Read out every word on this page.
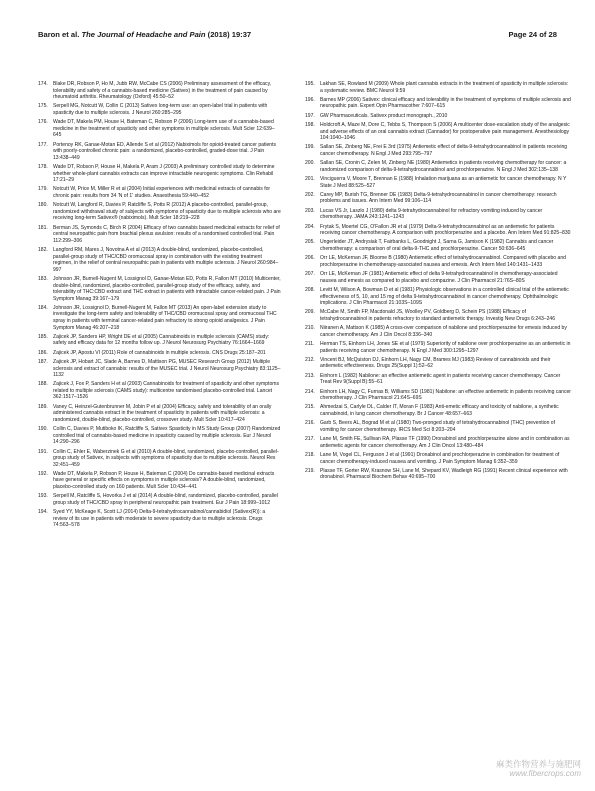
Baron et al. The Journal of Headache and Pain (2018) 19:37	Page 24 of 28
174.	Blake DR, Robson P, Ho M, Jubb RW, McCabe CS (2006) Preliminary assessment of the efficacy, tolerability and safety of a cannabis-based medicine (Sativex) in the treatment of pain caused by rheumatoid arthritis. Rheumatology (Oxford) 45:50–52
175.	Serpell MG, Notcutt W, Collin C (2013) Sativex long-term use: an open-label trial in patients with spasticity due to multiple sclerosis. J Neurol 260:285–295
176.	Wade DT, Makela PM, House H, Bateman C, Robson P (2006) Long-term use of a cannabis-based medicine in the treatment of spasticity and other symptoms in multiple sclerosis. Mult Scler 12:639–645
177.	Portenoy RK, Ganae-Motan ED, Allende S et al (2012) Nabiximols for opioid-treated cancer patients with poorly-controlled chronic pain: a randomized, placebo-controlled, graded-dose trial. J Pain 13:438–449
178.	Wade DT, Robson P, House H, Makela P, Aram J (2003) A preliminary controlled study to determine whether whole-plant cannabis extracts can improve intractable neurogenic symptoms. Clin Rehabil 17:21–29
179.	Notcutt W, Price M, Miller R et al (2004) Initial experiences with medicinal extracts of cannabis for chronic pain: results from 34 'N of 1' studies. Anaesthesia 59:440–452
180.	Notcutt W, Langford R, Davies P, Ratcliffe S, Potts R (2012) A placebo-controlled, parallel-group, randomized withdrawal study of subjects with symptoms of spasticity due to multiple sclerosis who are receiving long-term Sativex® (nabiximols). Mult Scler 18:219–228
181.	Berman JS, Symonds C, Birch R (2004) Efficacy of two cannabis based medicinal extracts for relief of central neuropathic pain from brachial plexus avulsion: results of a randomised controlled trial. Pain 112:299–306
182.	Langford RM, Mares J, Novotna A et al (2013) A double-blind, randomized, placebo-controlled, parallel-group study of THC/CBD oromucosal spray in combination with the existing treatment regimen, in the relief of central neuropathic pain in patients with multiple sclerosis. J Neurol 260:984–997
183.	Johnson JR, Burnell-Nugent M, Lossignol D, Ganae-Motan ED, Potts R, Fallon MT (2010) Multicenter, double-blind, randomized, placebo-controlled, parallel-group study of the efficacy, safety, and tolerability of THC:CBD extract and THC extract in patients with intractable cancer-related pain. J Pain Symptom Manag 39:167–179
184.	Johnson JR, Lossignol D, Burnell-Nugent M, Fallon MT (2013) An open-label extension study to investigate the long-term safety and tolerability of THC/CBD oromucosal spray and oromucosal THC spray in patients with terminal cancer-related pain refractory to strong opioid analgesics. J Pain Symptom Manag 46:207–218
185.	Zajicek JP, Sanders HP, Wright DE et al (2005) Cannabinoids in multiple sclerosis (CAMS) study: safety and efficacy data for 12 months follow up. J Neurol Neurosurg Psychiatry 76:1664–1669
186.	Zajicek JP, Apostu VI (2011) Role of cannabinoids in multiple sclerosis. CNS Drugs 25:187–201
187.	Zajicek JP, Hobart JC, Slade A, Barnes D, Mattison PG, MUSEC Research Group (2012) Multiple sclerosis and extract of cannabis: results of the MUSEC trial. J Neurol Neurosurg Psychiatry 83:1125–1132
188.	Zajicek J, Fox P, Sanders H et al (2003) Cannabinoids for treatment of spasticity and other symptoms related to multiple sclerosis (CAMS study): multicentre randomised placebo-controlled trial. Lancet 362:1517–1526
189.	Vaney C, Heinzel-Gutenbrunner M, Jobin P et al (2004) Efficacy, safety and tolerability of an orally administered cannabis extract in the treatment of spasticity in patients with multiple sclerosis: a randomized, double-blind, placebo-controlled, crossover study. Mult Scler 10:417–424
190.	Collin C, Davies P, Mutiboko IK, Ratcliffe S, Sativex Spasticity in MS Study Group (2007) Randomized controlled trial of cannabis-based medicine in spasticity caused by multiple sclerosis. Eur J Neurol 14:290–296
191.	Collin C, Ehler E, Waberzinek G et al (2010) A double-blind, randomized, placebo-controlled, parallel-group study of Sativex, in subjects with symptoms of spasticity due to multiple sclerosis. Neurol Res 32:451–459
192.	Wade DT, Makela P, Robson P, House H, Bateman C (2004) Do cannabis-based medicinal extracts have general or specific effects on symptoms in multiple sclerosis? A double-blind, randomized, placebo-controlled study on 160 patients. Mult Scler 10:434–441
193.	Serpell M, Ratcliffe S, Hovorka J et al (2014) A double-blind, randomized, placebo-controlled, parallel group study of THC/CBD spray in peripheral neuropathic pain treatment. Eur J Pain 18:999–1012
194.	Syed YY, McKeage K, Scott LJ (2014) Delta-9-tetrahydrocannabinol/cannabidiol (Sativex(R)): a review of its use in patients with moderate to severe spasticity due to multiple sclerosis. Drugs 74:563–578
195.	Lakhan SE, Rowland M (2009) Whole plant cannabis extracts in the treatment of spasticity in multiple sclerosis: a systematic review. BMC Neurol 9:59
196.	Barnes MP (2006) Sativex: clinical efficacy and tolerability in the treatment of symptoms of multiple sclerosis and neuropathic pain. Expert Opin Pharmacother 7:607–615
197.	GW Pharmaceuticals. Sativex product monograph., 2010
198.	Holdcroft A, Maze M, Dore C, Tebbs S, Thompson S (2006) A multicenter dose-escalation study of the analgesic and adverse effects of an oral cannabis extract (Cannador) for postoperative pain management. Anesthesiology 104:1040–1046
199.	Sallan SE, Zinberg NE, Frei E 3rd (1975) Antiemetic effect of delta-9-tetrahydrocannabinol in patients receiving cancer chemotherapy. N Engl J Med 293:795–797
200.	Sallan SE, Cronin C, Zelen M, Zinberg NE (1980) Antiemetics in patients receiving chemotherapy for cancer: a randomized comparison of delta-9-tetrahydrocannabinol and prochlorperazine. N Engl J Med 302:135–138
201.	Vinciguerra V, Moore T, Brennan E (1988) Inhalation marijuana as an antiemetic for cancer chemotherapy. N Y State J Med 88:525–527
202.	Carey MP, Burish TG, Brenner DE (1983) Delta-9-tetrahydrocannabinol in cancer chemotherapy: research problems and issues. Ann Intern Med 99:106–114
203.	Lucas VS Jr, Laszlo J (1980) delta 9-tetrahydrocannabinol for refractory vomiting induced by cancer chemotherapy. JAMA 243:1241–1243
204.	Frytak S, Moertel CG, O'Fallon JR et al (1979) Delta-9-tetrahydrocannabinol as an antiemetic for patients receiving cancer chemotherapy. A comparison with prochlorperazine and a placebo. Ann Intern Med 91:825–830
205.	Ungerleider JT, Andrysiak T, Fairbanks L, Goodnight J, Sarna G, Jamison K (1982) Cannabis and cancer chemotherapy: a comparison of oral delta-9-THC and prochlorperazine. Cancer 50:636–645
206.	Orr LE, McKernan JF, Bloome B (1980) Antiemetic effect of tetrahydrocannabinol. Compared with placebo and prochlorperazine in chemotherapy-associated nausea and emesis. Arch Intern Med 140:1431–1433
207.	Orr LE, McKernan JF (1981) Antiemetic effect of delta 9-tetrahydrocannabinol in chemotherapy-associated nausea and emesis as compared to placebo and compazine. J Clin Pharmacol 21:76S–80S
208.	Levitt M, Wilson A, Bowman D et al (1981) Physiologic observations in a controlled clinical trial of the antiemetic effectiveness of 5, 10, and 15 mg of delta 9-tetrahydrocannabinol in cancer chemotherapy. Ophthalmologic implications. J Clin Pharmacol 21:103S–109S
209.	McCabe M, Smith FP, Macdonald JS, Woolley PV, Goldberg D, Schein PS (1988) Efficacy of tetrahydrocannabinol in patients refractory to standard antiemetic therapy. Investig New Drugs 6:243–246
210.	Niiranen A, Mattson K (1985) A cross-over comparison of nabilone and prochlorperazine for emesis induced by cancer chemotherapy. Am J Clin Oncol 8:336–340
211.	Herman TS, Einhorn LH, Jones SE et al (1979) Superiority of nabilone over prochlorperazine as an antiemetic in patients receiving cancer chemotherapy. N Engl J Med 300:1295–1297
212.	Vincent BJ, McQuiston DJ, Einhorn LH, Nagy CM, Brames MJ (1983) Review of cannabinoids and their antiemetic effectiveness. Drugs 25(Suppl 1):52–62
213.	Einhorn L (1982) Nabilone: an effective antiemetic agent in patients receiving cancer chemotherapy. Cancer Treat Rev 9(Suppl B):55–61
214.	Einhorn LH, Nagy C, Furnas B, Williams SD (1981) Nabilone: an effective antiemetic in patients receiving cancer chemotherapy. J Clin Pharmacol 21:64S–69S
215.	Ahmedzai S, Carlyle DL, Calder IT, Moran F (1983) Anti-emetic efficacy and toxicity of nabilone, a synthetic cannabinoid, in lung cancer chemotherapy. Br J Cancer 48:657–663
216.	Garb S, Beers AL, Bograd M et al (1980) Two-pronged study of tetrahydrocannabinol (THC) prevention of vomiting for cancer chemotherapy. IRCS Med Sci 8:203–204
217.	Lane M, Smith FE, Sullivan RA, Plasse TF (1990) Dronabinol and prochlorperazine alone and in combination as antiemetic agents for cancer chemotherapy. Am J Clin Oncol 13:480–484
218.	Lane M, Vogel CL, Ferguson J et al (1991) Dronabinol and prochlorperazine in combination for treatment of cancer chemotherapy-induced nausea and vomiting. J Pain Symptom Manag 6:352–359
219.	Plasse TF, Gorter RW, Krasnow SH, Lane M, Shepard KV, Wadleigh RG (1991) Recent clinical experience with dronabinol. Pharmacol Biochem Behav 40:695–700
麻类作物营养与施肥网
www.fibercrops.com
